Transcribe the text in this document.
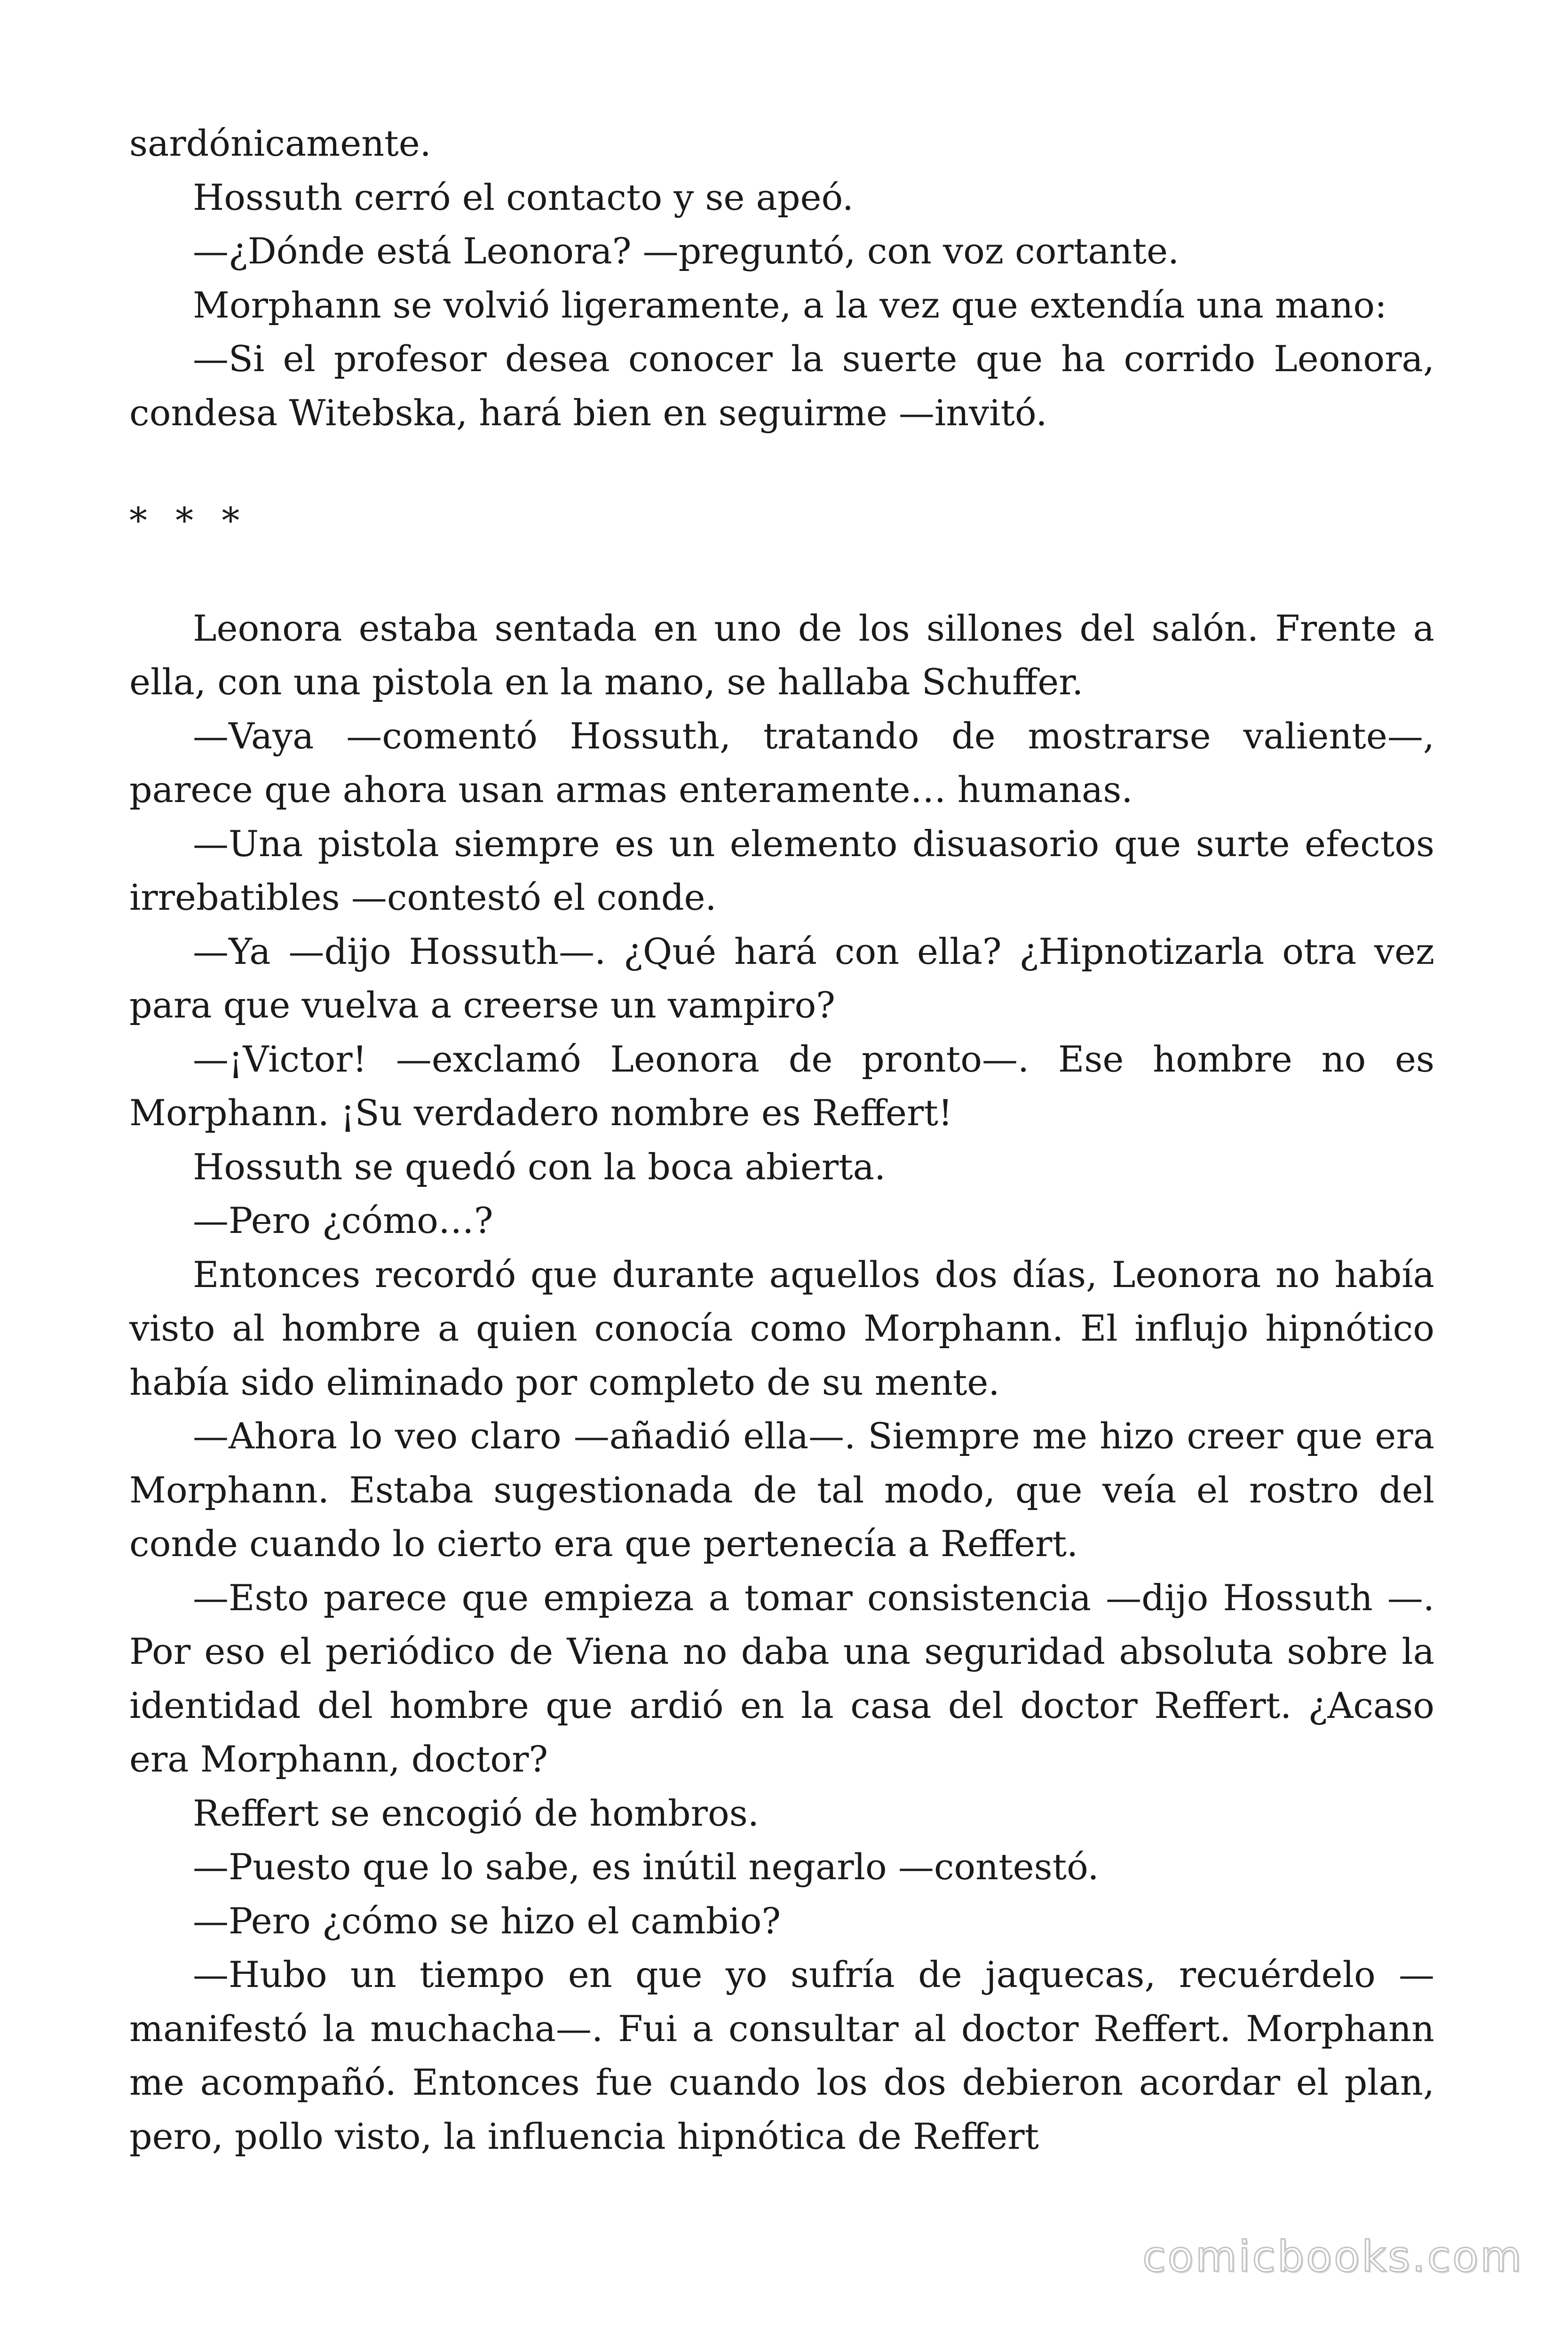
sardónicamente.

Hossuth cerró el contacto y se apeó.

—¿Dónde está Leonora? —preguntó, con voz cortante.

Morphann se volvió ligeramente, a la vez que extendía una mano:

—Si el profesor desea conocer la suerte que ha corrido Leonora, condesa Witebska, hará bien en seguirme —invitó.

* * *

Leonora estaba sentada en uno de los sillones del salón. Frente a ella, con una pistola en la mano, se hallaba Schuffer.

—Vaya —comentó Hossuth, tratando de mostrarse valiente—, parece que ahora usan armas enteramente… humanas.

—Una pistola siempre es un elemento disuasorio que surte efectos irrebatibles —contestó el conde.

—Ya —dijo Hossuth—. ¿Qué hará con ella? ¿Hipnotizarla otra vez para que vuelva a creerse un vampiro?

—¡Victor! —exclamó Leonora de pronto—. Ese hombre no es Morphann. ¡Su verdadero nombre es Reffert!

Hossuth se quedó con la boca abierta.

—Pero ¿cómo…?

Entonces recordó que durante aquellos dos días, Leonora no había visto al hombre a quien conocía como Morphann. El influjo hipnótico había sido eliminado por completo de su mente.

—Ahora lo veo claro —añadió ella—. Siempre me hizo creer que era Morphann. Estaba sugestionada de tal modo, que veía el rostro del conde cuando lo cierto era que pertenecía a Reffert.

—Esto parece que empieza a tomar consistencia —dijo Hossuth —. Por eso el periódico de Viena no daba una seguridad absoluta sobre la identidad del hombre que ardió en la casa del doctor Reffert. ¿Acaso era Morphann, doctor?

Reffert se encogió de hombros.

—Puesto que lo sabe, es inútil negarlo —contestó.

—Pero ¿cómo se hizo el cambio?

—Hubo un tiempo en que yo sufría de jaquecas, recuérdelo — manifestó la muchacha—. Fui a consultar al doctor Reffert. Morphann me acompañó. Entonces fue cuando los dos debieron acordar el plan, pero, pollo visto, la influencia hipnótica de Reffert

comicbooks.com
